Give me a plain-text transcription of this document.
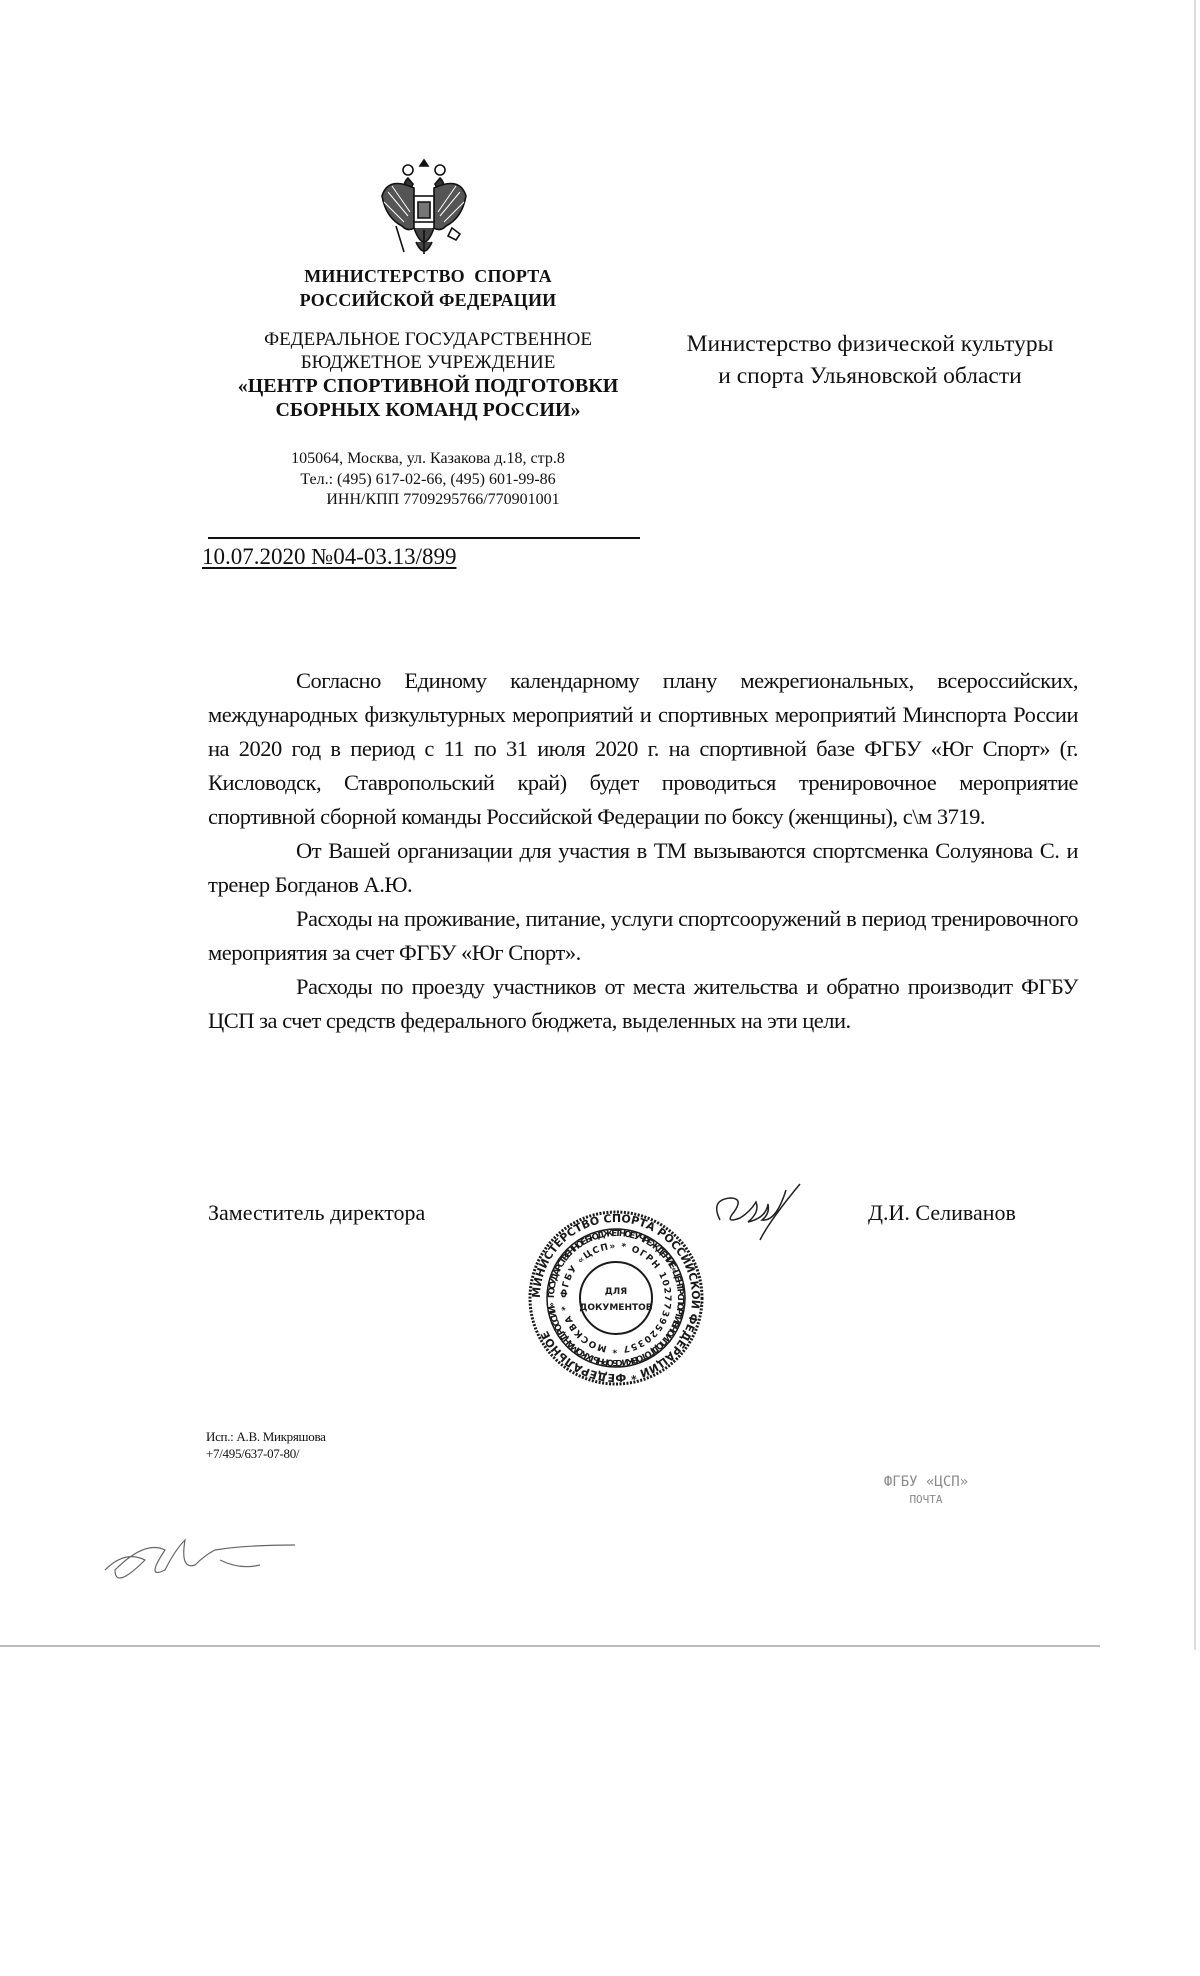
МИНИСТЕРСТВО  СПОРТА
РОССИЙСКОЙ ФЕДЕРАЦИИ
ФЕДЕРАЛЬНОЕ ГОСУДАРСТВЕННОЕ
БЮДЖЕТНОЕ УЧРЕЖДЕНИЕ
«ЦЕНТР СПОРТИВНОЙ ПОДГОТОВКИ
СБОРНЫХ КОМАНД РОССИИ»
105064, Москва, ул. Казакова д.18, стр.8
Тел.: (495) 617-02-66, (495) 601-99-86
ИНН/КПП 7709295766/770901001
10.07.2020 №04-03.13/899
Министерство физической культуры
и спорта Ульяновской области

Согласно Единому календарному плану межрегиональных, всероссийских, международных физкультурных мероприятий и спортивных мероприятий Минспорта России на 2020 год в период с 11 по 31 июля 2020 г. на спортивной базе ФГБУ «Юг Спорт» (г. Кисловодск, Ставропольский край) будет проводиться тренировочное мероприятие спортивной сборной команды Российской Федерации по боксу (женщины), с\м 3719.

От Вашей организации для участия в ТМ вызываются спортсменка Солуянова С. и тренер Богданов А.Ю.

Расходы на проживание, питание, услуги спортсооружений в период тренировочного мероприятия за счет ФГБУ «Юг Спорт».

Расходы по проезду участников от места жительства и обратно производит ФГБУ ЦСП за счет средств федерального бюджета, выделенных на эти цели.

Заместитель директора	Д.И. Селиванов
МИНИСТЕРСТВО СПОРТА РОССИЙСКОЙ ФЕДЕРАЦИИ * ФЕДЕРАЛЬНОЕ
ГОСУДАРСТВЕННОЕ БЮДЖЕТНОЕ УЧРЕЖДЕНИЕ «ЦЕНТР СПОРТИВНОЙ ПОДГОТОВКИ СБОРНЫХ КОМАНД РОССИИ»
ФГБУ «ЦСП» * ОГРН 1027739520357 * МОСКВА *
ДЛЯ
ДОКУМЕНТОВ
Исп.: А.В. Микряшова
+7/495/637-07-80/
ФГБУ «ЦСП»
ПОЧТА
